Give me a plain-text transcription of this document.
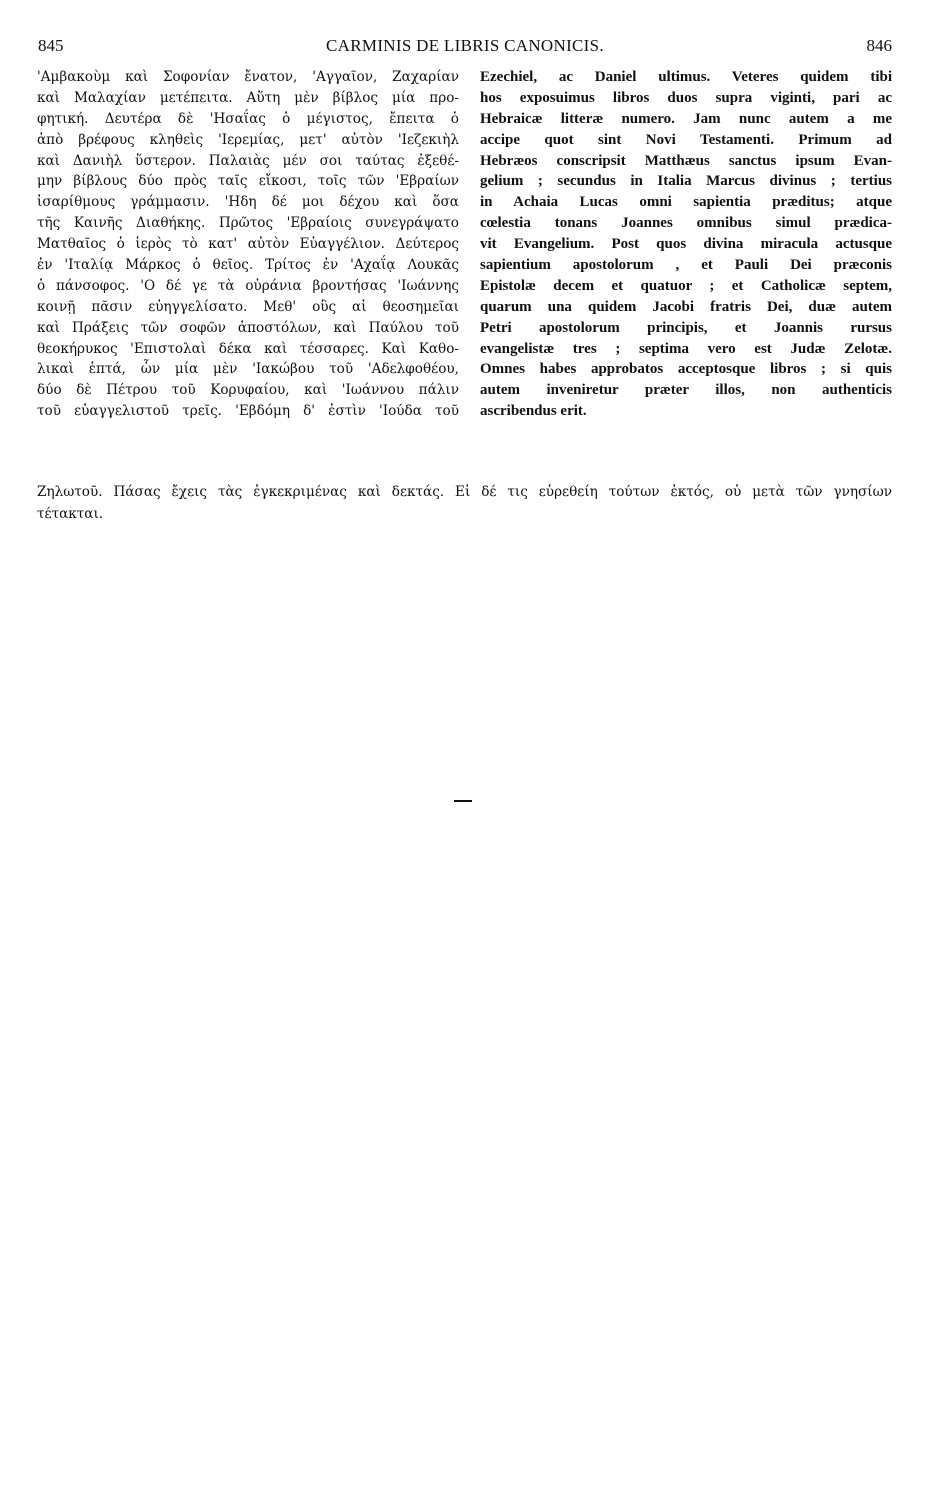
845	CARMINIS DE LIBRIS CANONICIS.	846
'Αμβακοὺμ καὶ Σοφονίαν ἔνατον, 'Αγγαῖον, Ζαχαρίαν
καὶ Μαλαχίαν μετέπειτα. Αὕτη μὲν βίβλος μία προ-
φητική. Δευτέρα δὲ 'Ησαΐας ὁ μέγιστος, ἔπειτα ὁ
ἀπὸ βρέφους κληθεὶς 'Ιερεμίας, μετ' αὐτὸν 'Ιεζεκιὴλ
καὶ Δανιὴλ ὕστερον. Παλαιὰς μέν σοι ταύτας ἐξεθέ-
μην βίβλους δύο πρὸς ταῖς εἴκοσι, τοῖς τῶν 'Εβραίων
ἰσαρίθμους γράμμασιν. 'Ηδη δέ μοι δέχου καὶ ὅσα
τῆς Καινῆς Διαθήκης. Πρῶτος 'Εβραίοις συνεγράψατο
Ματθαῖος ὁ ἱερὸς τὸ κατ' αὐτὸν Εὐαγγέλιον. Δεύτερος
ἐν 'Ιταλίᾳ Μάρκος ὁ θεῖος. Τρίτος ἐν 'Αχαΐᾳ Λουκᾶς
ὁ πάνσοφος. 'Ο δέ γε τὰ οὐράνια βροντήσας 'Ιωάννης
κοινῇ πᾶσιν εὐηγγελίσατο. Μεθ' οὓς αἱ θεοσημεῖαι
καὶ Πράξεις τῶν σοφῶν ἀποστόλων, καὶ Παύλου τοῦ
θεοκήρυκος 'Επιστολαὶ δέκα καὶ τέσσαρες. Καὶ Καθο-
λικαὶ ἑπτά, ὧν μία μὲν 'Ιακώβου τοῦ 'Αδελφοθέου,
δύο δὲ Πέτρου τοῦ Κορυφαίου, καὶ 'Ιωάννου πάλιν
τοῦ εὐαγγελιστοῦ τρεῖς. 'Εβδόμη δ' ἐστὶν 'Ιούδα τοῦ
Ezechiel, ac Daniel ultimus. Veteres quidem tibi
hos exposuimus libros duos supra viginti, pari ac
Hebraicæ litteræ numero. Jam nunc autem a me
accipe quot sint Novi Testamenti. Primum ad
Hebræos conscripsit Matthæus sanctus ipsum Evan-
gelium ; secundus in Italia Marcus divinus ; tertius
in Achaia Lucas omni sapientia præditus; atque
cœlestia tonans Joannes omnibus simul prædica-
vit Evangelium. Post quos divina miracula actusque
sapientium apostolorum , et Pauli Dei præconis
Epistolæ decem et quatuor ; et Catholicæ septem,
quarum una quidem Jacobi fratris Dei, duæ autem
Petri apostolorum principis, et Joannis rursus
evangelistæ tres ; septima vero est Judæ Zelotæ.
Omnes habes approbatos acceptosque libros ; si quis
autem inveniretur præter illos, non authenticis
ascribendus erit.
Ζηλωτοῦ. Πάσας ἔχεις τὰς ἐγκεκριμένας καὶ δεκτάς. Εἰ δέ τις εὑρεθείη τούτων ἐκτός, οὐ μετὰ τῶν γνησίων
τέτακται.
